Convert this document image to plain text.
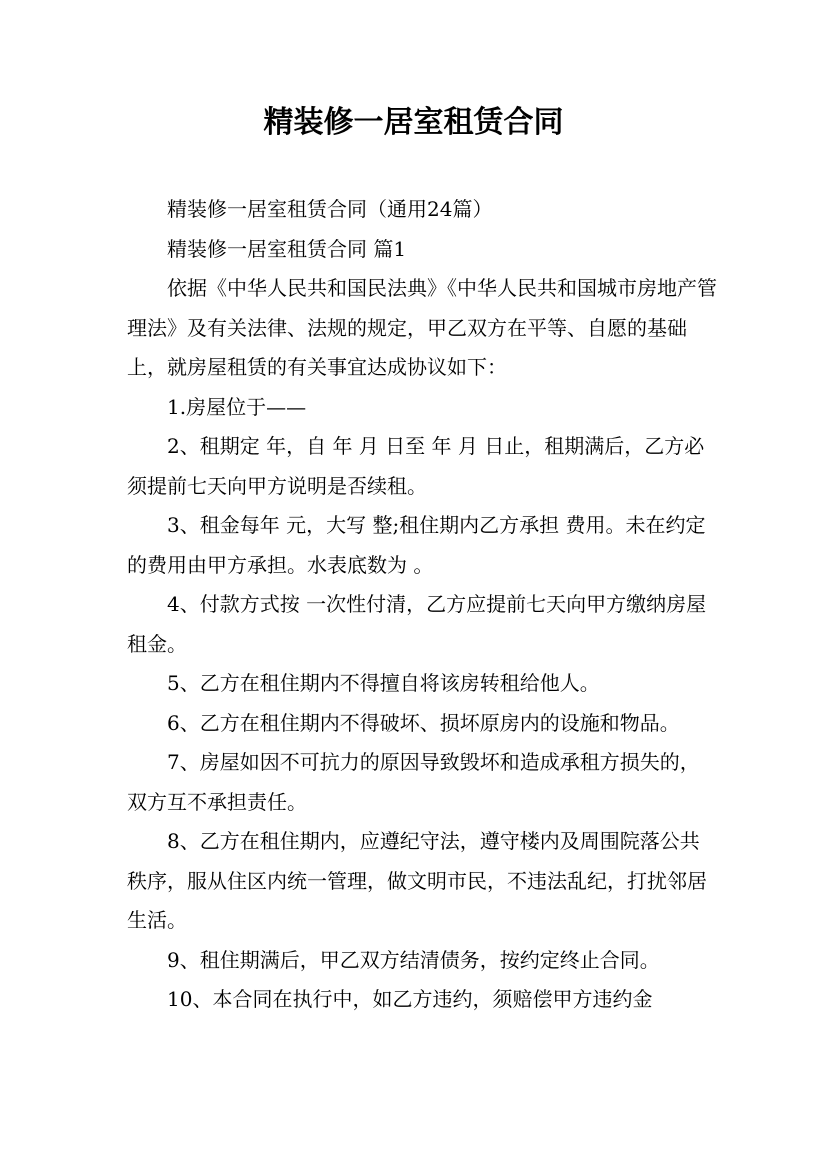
精装修一居室租赁合同

精装修一居室租赁合同（通用24篇）

精装修一居室租赁合同 篇1

依据《中华人民共和国民法典》《中华人民共和国城市房地产管理法》及有关法律、法规的规定，甲乙双方在平等、自愿的基础上，就房屋租赁的有关事宜达成协议如下：

1.房屋位于——

2、租期定 年，自 年 月 日至 年 月 日止，租期满后，乙方必须提前七天向甲方说明是否续租。

3、租金每年 元，大写 整;租住期内乙方承担 费用。未在约定的费用由甲方承担。水表底数为 。

4、付款方式按 一次性付清，乙方应提前七天向甲方缴纳房屋租金。

5、乙方在租住期内不得擅自将该房转租给他人。

6、乙方在租住期内不得破坏、损坏原房内的设施和物品。

7、房屋如因不可抗力的原因导致毁坏和造成承租方损失的，双方互不承担责任。

8、乙方在租住期内，应遵纪守法，遵守楼内及周围院落公共秩序，服从住区内统一管理，做文明市民，不违法乱纪，打扰邻居生活。

9、租住期满后，甲乙双方结清债务，按约定终止合同。

10、本合同在执行中，如乙方违约，须赔偿甲方违约金
